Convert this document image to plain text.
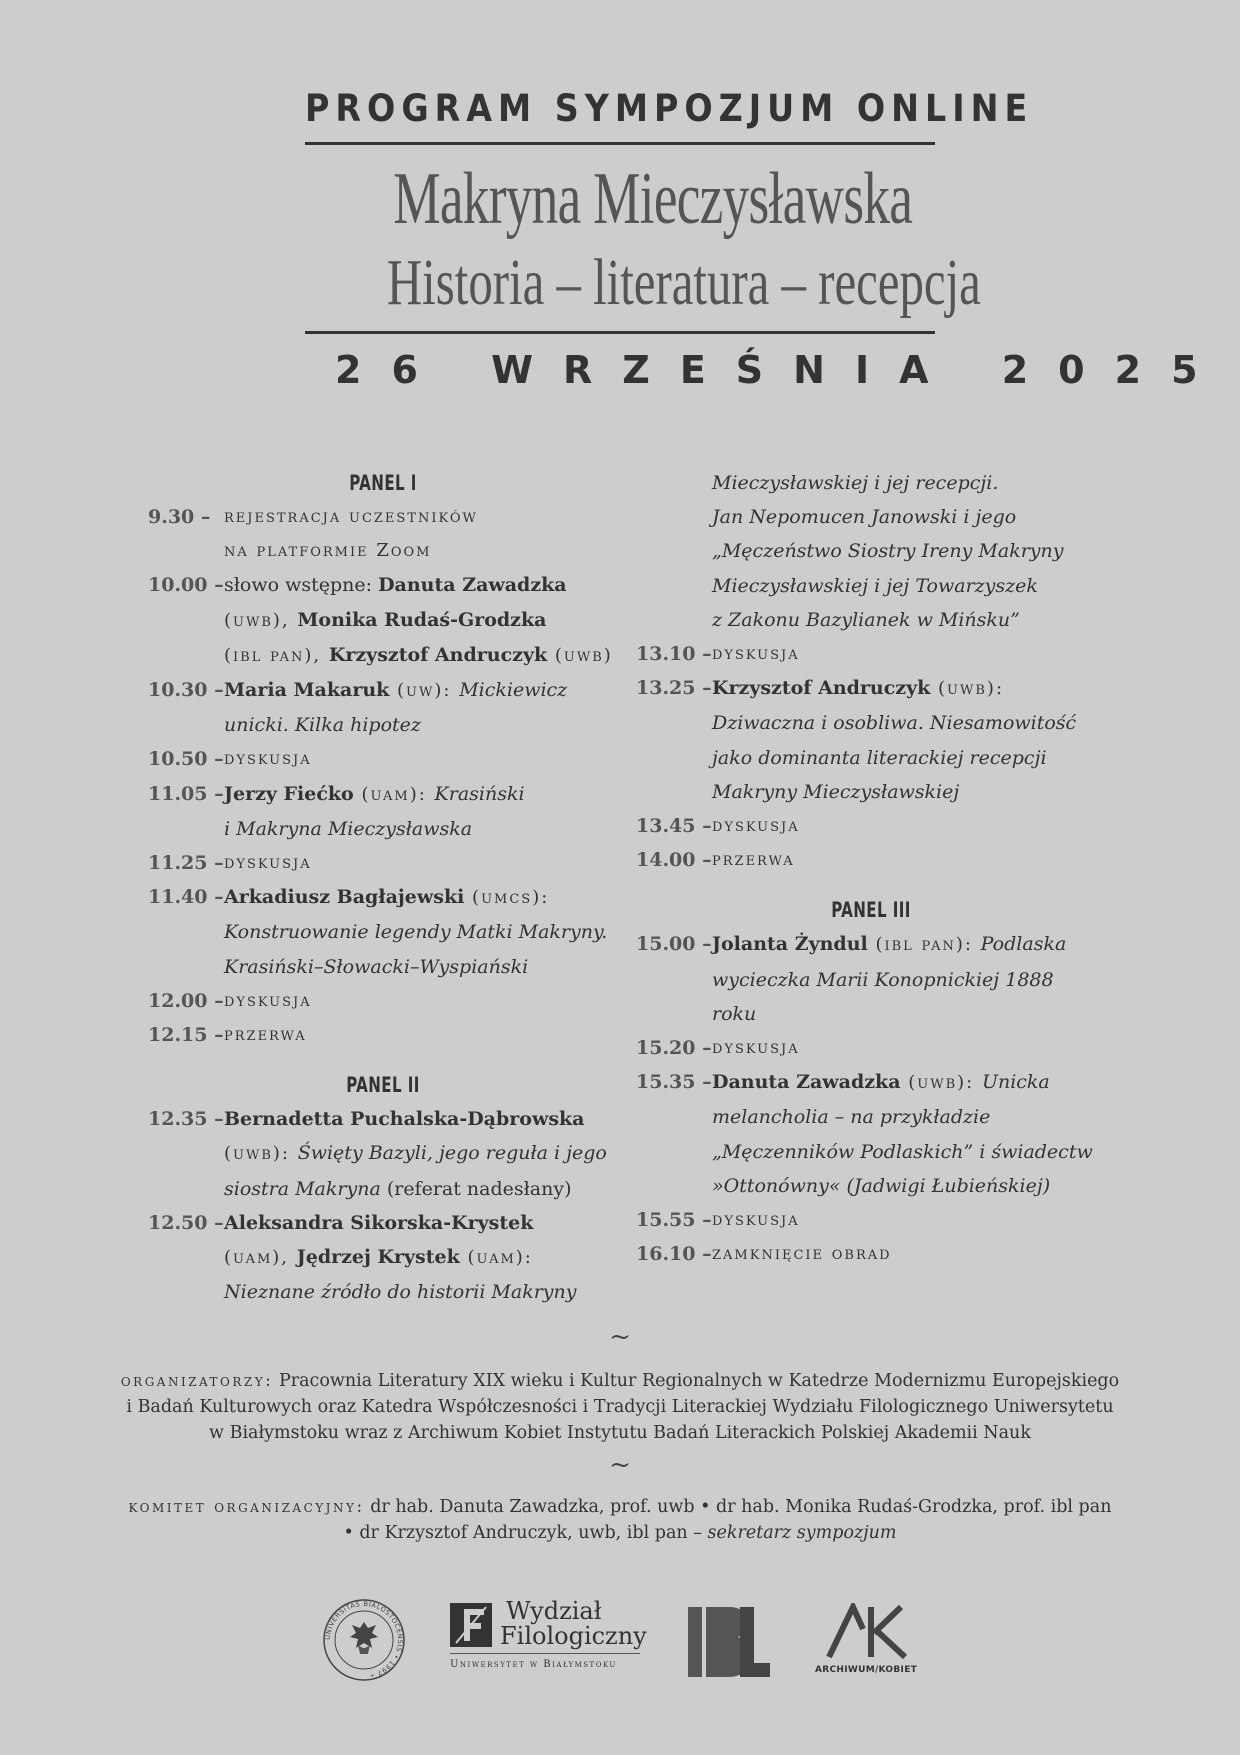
PROGRAM SYMPOZJUM ONLINE
Makryna Mieczysławska
Historia – literatura – recepcja
26 WRZEŚNIA 2025
PANEL I
9.30 – rejestracja uczestników
na platformie Zoom
10.00 – słowo wstępne: Danuta Zawadzka
(uwb), Monika Rudaś-Grodzka
(ibl pan), Krzysztof Andruczyk (uwb)
10.30 – Maria Makaruk (uw): Mickiewicz
unicki. Kilka hipotez
10.50 – dyskusja
11.05 – Jerzy Fiećko (uam): Krasiński
i Makryna Mieczysławska
11.25 – dyskusja
11.40 – Arkadiusz Bagłajewski (umcs):
Konstruowanie legendy Matki Makryny.
Krasiński–Słowacki–Wyspiański
12.00 – dyskusja
12.15 – przerwa
PANEL II
12.35 – Bernadetta Puchalska-Dąbrowska
(uwb): Święty Bazyli, jego reguła i jego
siostra Makryna (referat nadesłany)
12.50 – Aleksandra Sikorska-Krystek
(uam), Jędrzej Krystek (uam):
Nieznane źródło do historii Makryny
Mieczysławskiej i jej recepcji.
Jan Nepomucen Janowski i jego
„Męczeństwo Siostry Ireny Makryny
Mieczysławskiej i jej Towarzyszek
z Zakonu Bazylianek w Mińsku”
13.10 – dyskusja
13.25 – Krzysztof Andruczyk (uwb):
Dziwaczna i osobliwa. Niesamowitość
jako dominanta literackiej recepcji
Makryny Mieczysławskiej
13.45 – dyskusja
14.00 – przerwa
PANEL III
15.00 – Jolanta Żyndul (ibl pan): Podlaska
wycieczka Marii Konopnickiej 1888
roku
15.20 – dyskusja
15.35 – Danuta Zawadzka (uwb): Unicka
melancholia – na przykładzie
„Męczenników Podlaskich” i świadectw
»Ottonówny« (Jadwigi Łubieńskiej)
15.55 – dyskusja
16.10 – zamknięcie obrad
~
organizatorzy: Pracownia Literatury XIX wieku i Kultur Regionalnych w Katedrze Modernizmu Europejskiego
i Badań Kulturowych oraz Katedra Współczesności i Tradycji Literackiej Wydziału Filologicznego Uniwersytetu
w Białymstoku wraz z Archiwum Kobiet Instytutu Badań Literackich Polskiej Akademii Nauk
~
komitet organizacyjny: dr hab. Danuta Zawadzka, prof. uwb • dr hab. Monika Rudaś-Grodzka, prof. ibl pan
• dr Krzysztof Andruczyk, uwb, ibl pan – sekretarz sympozjum
UNIVERSITAS BIALOSTOCENSIS • 1997 •
Wydział
Filologiczny
Uniwersytet w Białymstoku
IBL
AK
ARCHIWUM/KOBIET
